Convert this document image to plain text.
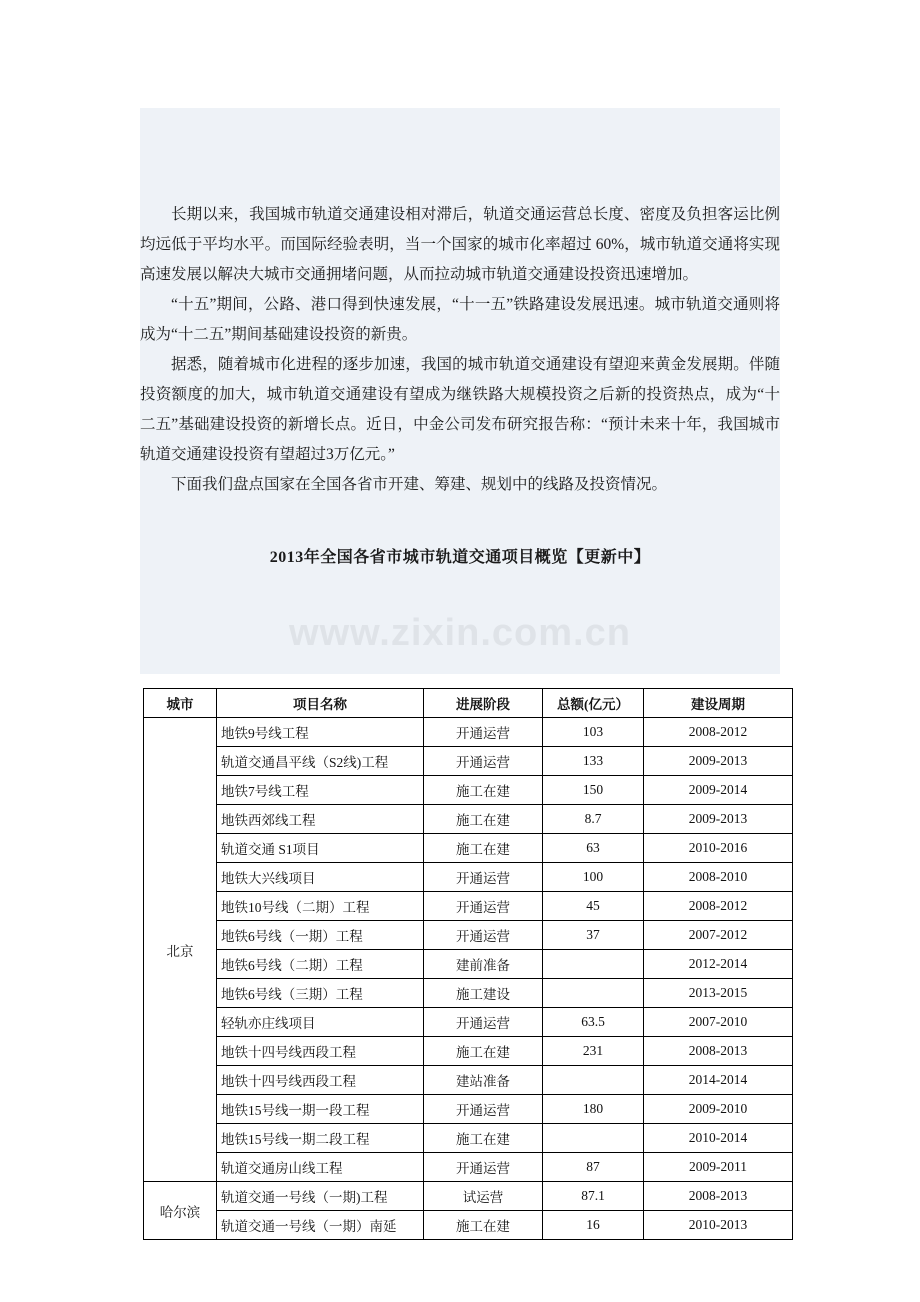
长期以来，我国城市轨道交通建设相对滞后，轨道交通运营总长度、密度及负担客运比例均远低于平均水平。而国际经验表明，当一个国家的城市化率超过 60%，城市轨道交通将实现高速发展以解决大城市交通拥堵问题，从而拉动城市轨道交通建设投资迅速增加。

“十五”期间，公路、港口得到快速发展，“十一五”铁路建设发展迅速。城市轨道交通则将成为“十二五”期间基础建设投资的新贵。

据悉，随着城市化进程的逐步加速，我国的城市轨道交通建设有望迎来黄金发展期。伴随投资额度的加大，城市轨道交通建设有望成为继铁路大规模投资之后新的投资热点，成为“十二五”基础建设投资的新增长点。近日，中金公司发布研究报告称：“预计未来十年，我国城市轨道交通建设投资有望超过3万亿元。”

下面我们盘点国家在全国各省市开建、筹建、规划中的线路及投资情况。

2013年全国各省市城市轨道交通项目概览【更新中】
www.zixin.com.cn
城市	项目名称	进展阶段	总额(亿元）	建设周期
北京	地铁9号线工程	开通运营	103	2008-2012
	轨道交通昌平线（S2线)工程	开通运营	133	2009-2013
	地铁7号线工程	施工在建	150	2009-2014
	地铁西郊线工程	施工在建	8.7	2009-2013
	轨道交通 S1项目	施工在建	63	2010-2016
	地铁大兴线项目	开通运营	100	2008-2010
	地铁10号线（二期）工程	开通运营	45	2008-2012
	地铁6号线（一期）工程	开通运营	37	2007-2012
	地铁6号线（二期）工程	建前准备		2012-2014
	地铁6号线（三期）工程	施工建设		2013-2015
	轻轨亦庄线项目	开通运营	63.5	2007-2010
	地铁十四号线西段工程	施工在建	231	2008-2013
	地铁十四号线西段工程	建站准备		2014-2014
	地铁15号线一期一段工程	开通运营	180	2009-2010
	地铁15号线一期二段工程	施工在建		2010-2014
	轨道交通房山线工程	开通运营	87	2009-2011
哈尔滨	轨道交通一号线（一期)工程	试运营	87.1	2008-2013
	轨道交通一号线（一期）南延	施工在建	16	2010-2013
